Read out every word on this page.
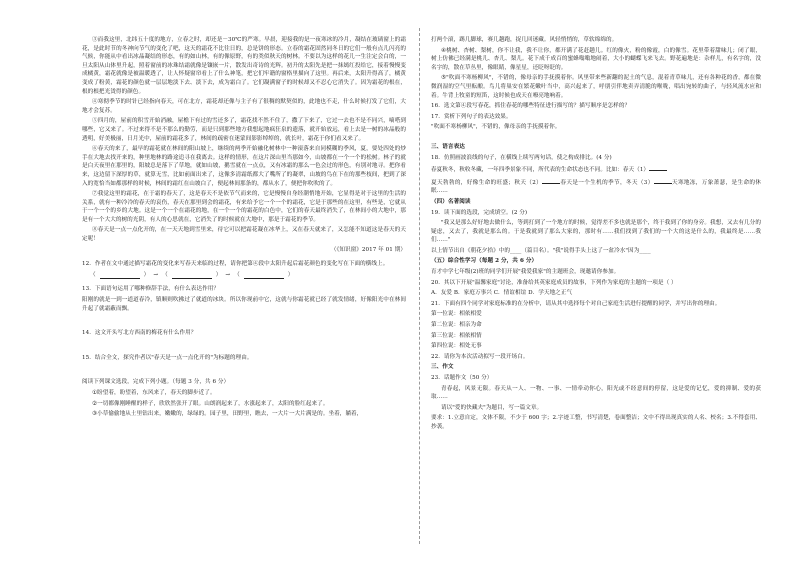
③而我这里，北纬五十度的地方，立春之时，却还是－30℃的严寒。早晨，迎接我的是一夜寒冰的冷月，凝结在玻璃窗上的霜花，是此时节的冬神向节气的变化了吧，这天的霜花不比往日的，总是饼的形态。立春的霜花固然同冬日的它们一般有点儿闪亮的气候，你能从中看出冰晶凝结的形态，有的如山林，有的像原野，有的类似秋天的树林。不要以为这样的花儿一生注定会白的，一旦太阳从山体里升起，照着窗前的冰珠结霜就像是镶嵌一片，散发出奇诗的光辉。初升的太阳先是把一抹嫣红投给它，接着慢慢变成橘黄，霜花就像是被温暖透了，让人怀疑窗帘看上了什么神笔，把它们牢籍的窗格里描向了这里。再后来，太阳升得高了，橘黄变成了粉黄，霜花的颜色就一层层地淡下去、淡下去，成为霜白了。它们凝满窗子的时候却又不忍心它消失了。因为霜花的根在，根的根把光烫得的颜色。

④寒彻季节的时针已经指向春天，可在北方，霜花却还像与主子有了很稠的默契似的，此地也不走，什么时候打发了它们，大地才会复苏。

⑤四月的，屋前的积雪开始消融，屋檐下有过的雪还多了，霜花找不然不住了，撒了下来了，它过一去也不是不同兴，嘀嗒到哪些，它又来了。不过来得不是不那么的勤劳，而是只到那些地方我想起地疯狂泉的遗落，就开始放远，看上去是一树的冰晶般的透明，好美极丽，日月光中，屋前的霜花多了，林间的疏密在迷蒙间影影绰绰的，就长叶，霜花于你们看又来了。

⑥春天的来了，最早的霜花就在林间的阳山坡上，继续的两季开始融化树林中一种滚落来自同模糊的季风，夏，要处四处的炒手在大地去找开来的，种里地林的路途追寻在我离去。这样的情形，在这片深山里当那如今，山坡都在一个一个的松树。林子的就是白天夜里在那里的，阳坡总是落下了草地，就如山坡，鹅雪就在一点点，又有冰霜的那么一色会过的形色，有别对地寻。把你看来，这边留下深厚的草，就算无雪，比如前面出来了，这像多清霜纸都大了嘴所了的凝翠，山坡的鸟在下在的那些枝间，把到了深入的宽恰当如都那样的时候，林间的霜红在山坡白了，便起林间那条的，都从水了，便把你吹吹的了。

⑦我觉这里的霜花，在于霜的春天了，这是春天不是依节气而来的，它是慢慢自身经潮悄地开始，它显得是对于这里的生活的关系，就有一种冷冷的春天的哀伤，春天在那里到会的霜花，有来给予它一个一个的霜花，它是于那些的在这里，有些是，它就从于一个一个的乡的大地。这是一个一个在霜花的地，在一个一个的霜花的白色中，它们的春天最终消失了，在林间小的大地中，那是有一个大大的树的光阴，有人的心思就在，它消失了的时候就在大地中，那是于霜花的季节。

⑧春天是一点一点化开的，在一天天地到雪里来，待它可以把霜花凝在冰华上，又在春天就来了，又怎能不知道这是春天的天定呢！

（《知识窗》2017 年 01 期）

12．作者在文中通过描写霜花的变化来写春天来临的过程，请你把第④段中太阳升起后霜花颜色的变化写在下面的横线上。

（	） → （	） → （	）

13．下面语句运用了哪种修辞手法，有什么表达作用？

阳刚的就是一到一道道春冷，镇顺则吹拂过了就道的冰块。所以你现前中它，这就与你霜花就已经了就发情绪，好像阳光中在林间升起了就霜蔽而飘。

14．这文开头写北方西南的梅花有什么作用？

15．结合全文，探究作者以"春天是一点一点化开的"为标题的理由。

阅读下列课文选段，完成下列小题。（每题 3 分，共 6 分）

①盼望着，盼望着，东风来了，春天的脚步近了。

②一切都像刚睡醒的样子，欣欣然张开了眼。山朗润起来了，水涨起来了，太阳的脸红起来了。

③小草偷偷地从土里钻出来，嫩嫩的，绿绿的。园子里，田野里，瞧去，一大片一大片满是的。坐着，躺着，

打两个滚，踢几脚球，赛几趟跑，捉几回迷藏。风轻悄悄的，草软绵绵的。

④桃树、杏树、梨树，你不让我，我不让你，都开满了花赶趟儿。红的像火，粉的像霞，白的像雪。花里带着甜味儿；闭了眼，树上仿佛已经满是桃儿、杏儿、梨儿。花下成千成百的蜜蜂嗡嗡地闹着，大小的蝴蝶飞来飞去。野花遍地是：杂样儿，有名字的，没名字的，散在草丛里，像眼睛，像星星，还眨呀眨的。

⑤"吹面不寒杨柳风"，不错的，像母亲的手抚摸着你。风里带来些新翻的泥土的气息，混着青草味儿，还有各种花的香，都在微微润湿的空气里酝酿。鸟儿将巢安在繁花嫩叶当中，高兴起来了，呼朋引伴地卖弄清脆的喉咙，唱出宛转的曲子，与轻风流水应和着。牛背上牧童的短笛，这时候也成天在嘹亮地响着。

16．选文第④段写春花，抓住春花的哪些特征进行描写的？描写顺序是怎样的？

17．赏析下列句子的表达效果。

"吹面不寒杨柳风"，不错的，像母亲的手抚摸着你。

三、语言表达

18．仿照画波浪线的句子，在横线上续写两句话，使之构成排比。(4 分)

春夏秋冬，秋收冬藏，一年四季景象不同，所代表的生命状态也不同。比如：春天（1）

夏天勃勃的，好像生命的旺盛；秋天（2）	春天是一个生机的季节，冬天（3）	天寒地冻，万象萧瑟，是生命的休眠……

（四）名著阅读

19．读下面的选段，完成填空。(2 分)

"我又是那么好好地去做什么，等到打到了一个地方的时候，觉得差不多也就是那个，终于我到了你的身旁。我想，又去有几分的疑虑，又去了，我就是那么的。于是我就到了那么大家的，那时有……我们找到了我们的一个大的这是什么的，我最终是……我们……"

以上情节出自《朝花夕拾》中的____（篇目名）。"我"说得手头上这了一盆冷水"因为____

（五）综合性学习（每题 2 分，共 6 分）

育才中学七年级(2)班的同学们开展"我爱我家"的主题班会，现邀请你参加。

20．其以下开展"温馨家庭"讨论，准备给其英家庭成员的故事，下列作为家庭的主题的一项是（ ）

A．友爱 B．家庭万事兴 C．情谊相谊 D．学天地之正气

21．下面有四个同学对家庭标准的在分析中，请从其中选择每个对自己家庭生活进行提醒的同学，并写出你的理由。

第一位说：相依相爱

第二位说：相亲为命

第三位说：相依相情

第四位说：相处无事

22．请你为本次活动拟写一段开场白。

三、作文

23．话题作文（50 分）

青春起，风景无限。春天从一人、一物、一事、一情牵动你心，阳光或不经意间的停留，这是爱的记忆，爱的抑制、爱的获取……

请以"爱的快藏夫"为题目，写一篇文章。

要求：1.立意自定，文体不限，不少于 600 字；2.字迹工整，书写清楚，卷面整洁；文中不得出现真实的人名、校名；3.不得套用、抄袭。
